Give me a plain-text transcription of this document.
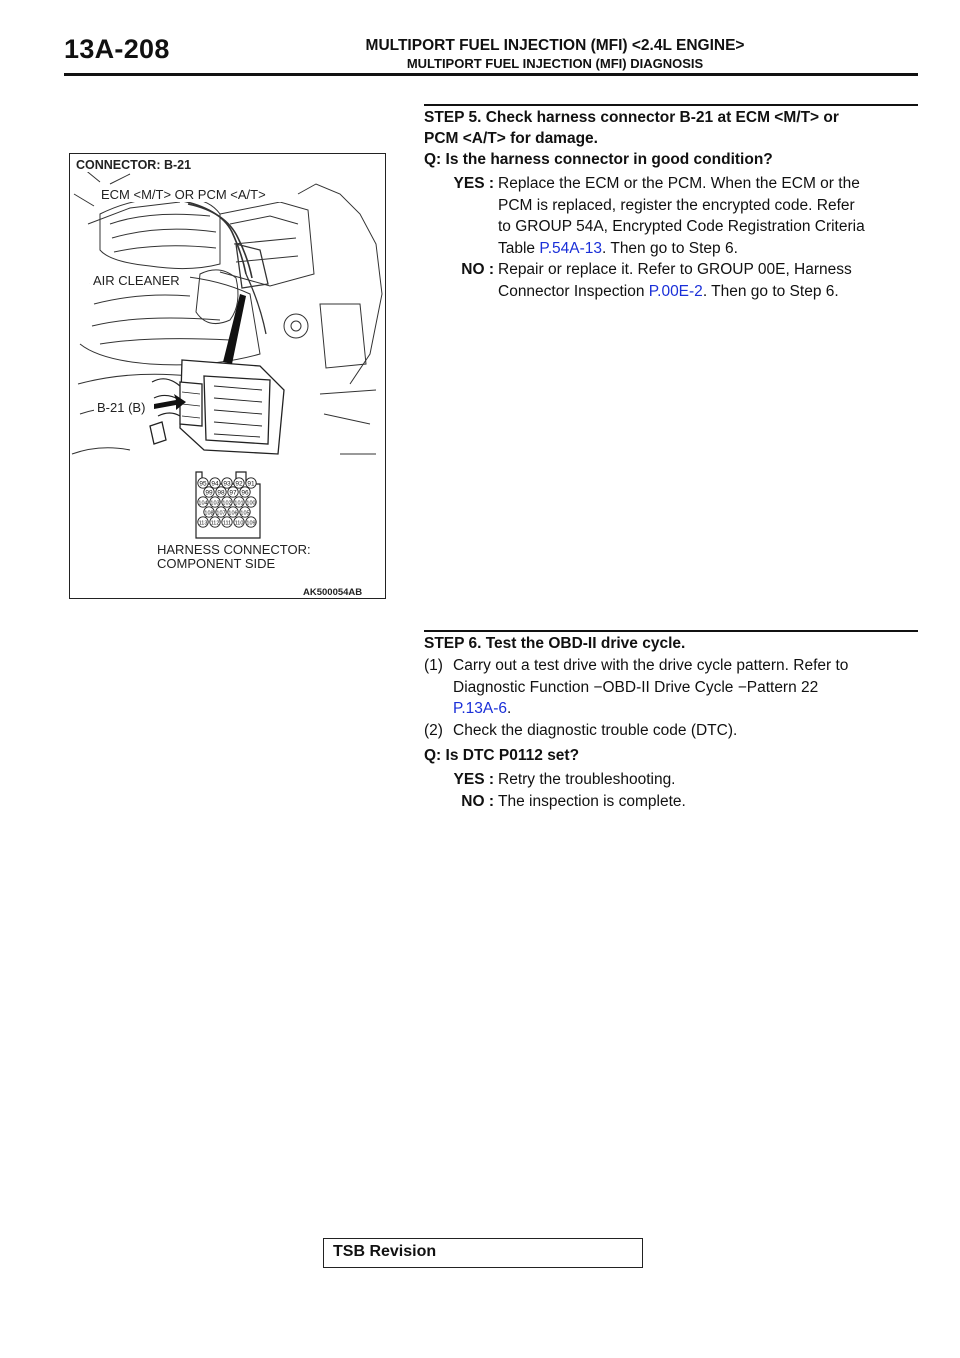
13A-208	MULTIPORT FUEL INJECTION (MFI) <2.4L ENGINE>
MULTIPORT FUEL INJECTION (MFI) DIAGNOSIS
95 94 93 92 91
99 98 97 96
104 103 102 101 100
108 107 106 105
113 112 111 110 109
CONNECTOR: B-21
ECM <M/T> OR PCM <A/T>
AIR CLEANER
B-21 (B)
HARNESS CONNECTOR:
COMPONENT SIDE
AK500054AB
STEP 5. Check harness connector B-21 at ECM <M/T> or
PCM <A/T> for damage.
Q: Is the harness connector in good condition?
YES : Replace the ECM or the PCM. When the ECM or the
PCM is replaced, register the encrypted code. Refer
to GROUP 54A, Encrypted Code Registration Criteria
Table P.54A-13. Then go to Step 6.
NO : Repair or replace it. Refer to GROUP 00E, Harness
Connector Inspection P.00E-2. Then go to Step 6.
STEP 6. Test the OBD-II drive cycle.
(1) Carry out a test drive with the drive cycle pattern. Refer to
Diagnostic Function −OBD-II Drive Cycle −Pattern 22
P.13A-6.
(2) Check the diagnostic trouble code (DTC).
Q: Is DTC P0112 set?
YES : Retry the troubleshooting.
NO : The inspection is complete.
TSB Revision
